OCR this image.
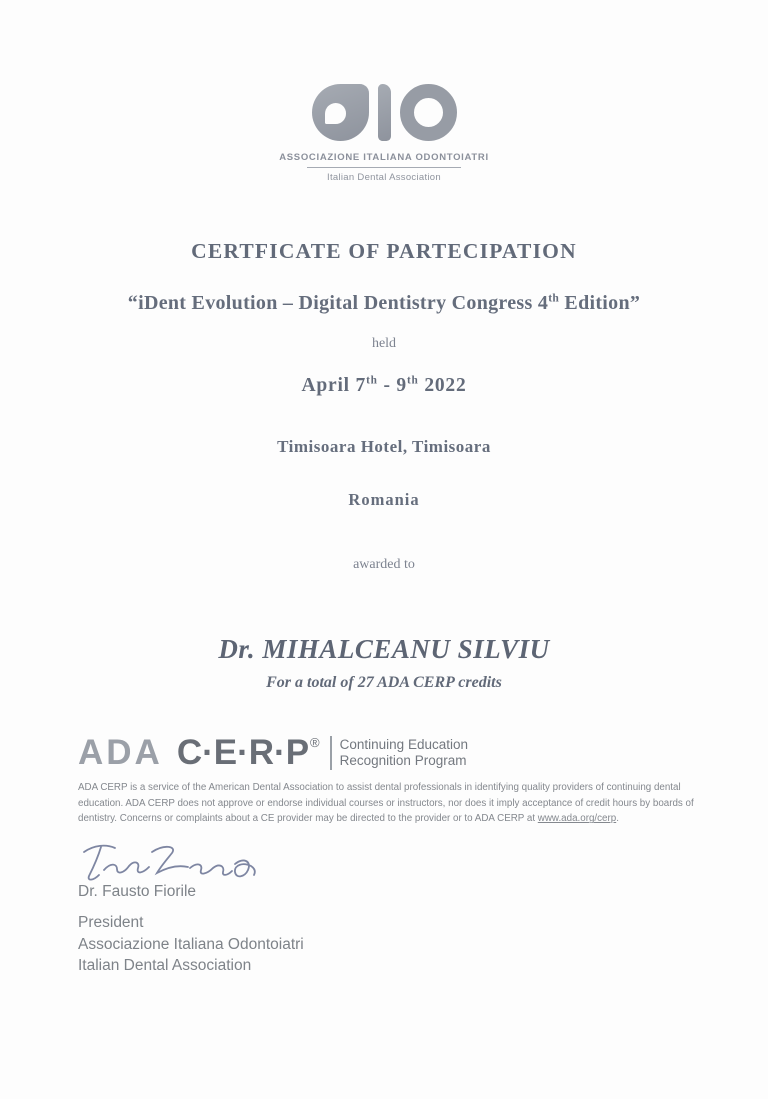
ASSOCIAZIONE ITALIANA ODONTOIATRI
Italian Dental Association
CERTFICATE OF PARTECIPATION
“iDent Evolution – Digital Dentistry Congress 4th Edition”
held
April 7th - 9th 2022
Timisoara Hotel, Timisoara
Romania
awarded to
Dr. MIHALCEANU SILVIU
For a total of 27 ADA CERP credits
ADA C·E·R·P ® Continuing Education
Recognition Program
ADA CERP is a service of the American Dental Association to assist dental professionals in identifying quality providers of continuing dental education. ADA CERP does not approve or endorse individual courses or instructors, nor does it imply acceptance of credit hours by boards of dentistry. Concerns or complaints about a CE provider may be directed to the provider or to ADA CERP at www.ada.org/cerp.
Dr. Fausto Fiorile
President
Associazione Italiana Odontoiatri
Italian Dental Association
